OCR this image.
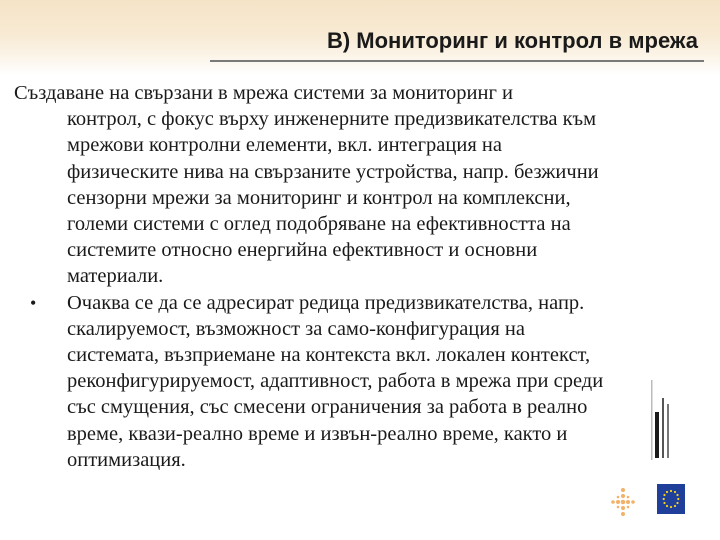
B) Мониторинг и контрол в мрежа
Създаване на свързани в мрежа системи за мониторинг и
контрол, с фокус върху инженерните предизвикателства към
мрежови контролни елементи, вкл. интеграция на
физическите нива на свързаните устройства, напр. безжични
сензорни мрежи за мониторинг и контрол на комплексни,
големи системи с оглед подобряване на ефективността на
системите относно енергийна ефективност и основни
материали.
•	Очаква се да се адресират редица предизвикателства, напр.
скалируемост, възможност за само-конфигурация на
системата, възприемане на контекста вкл. локален контекст,
реконфигурируемост, адаптивност, работа в мрежа при среди
със смущения, със смесени ограничения за работа в реално
време, квази-реално време и извън-реално време, както и
оптимизация.
